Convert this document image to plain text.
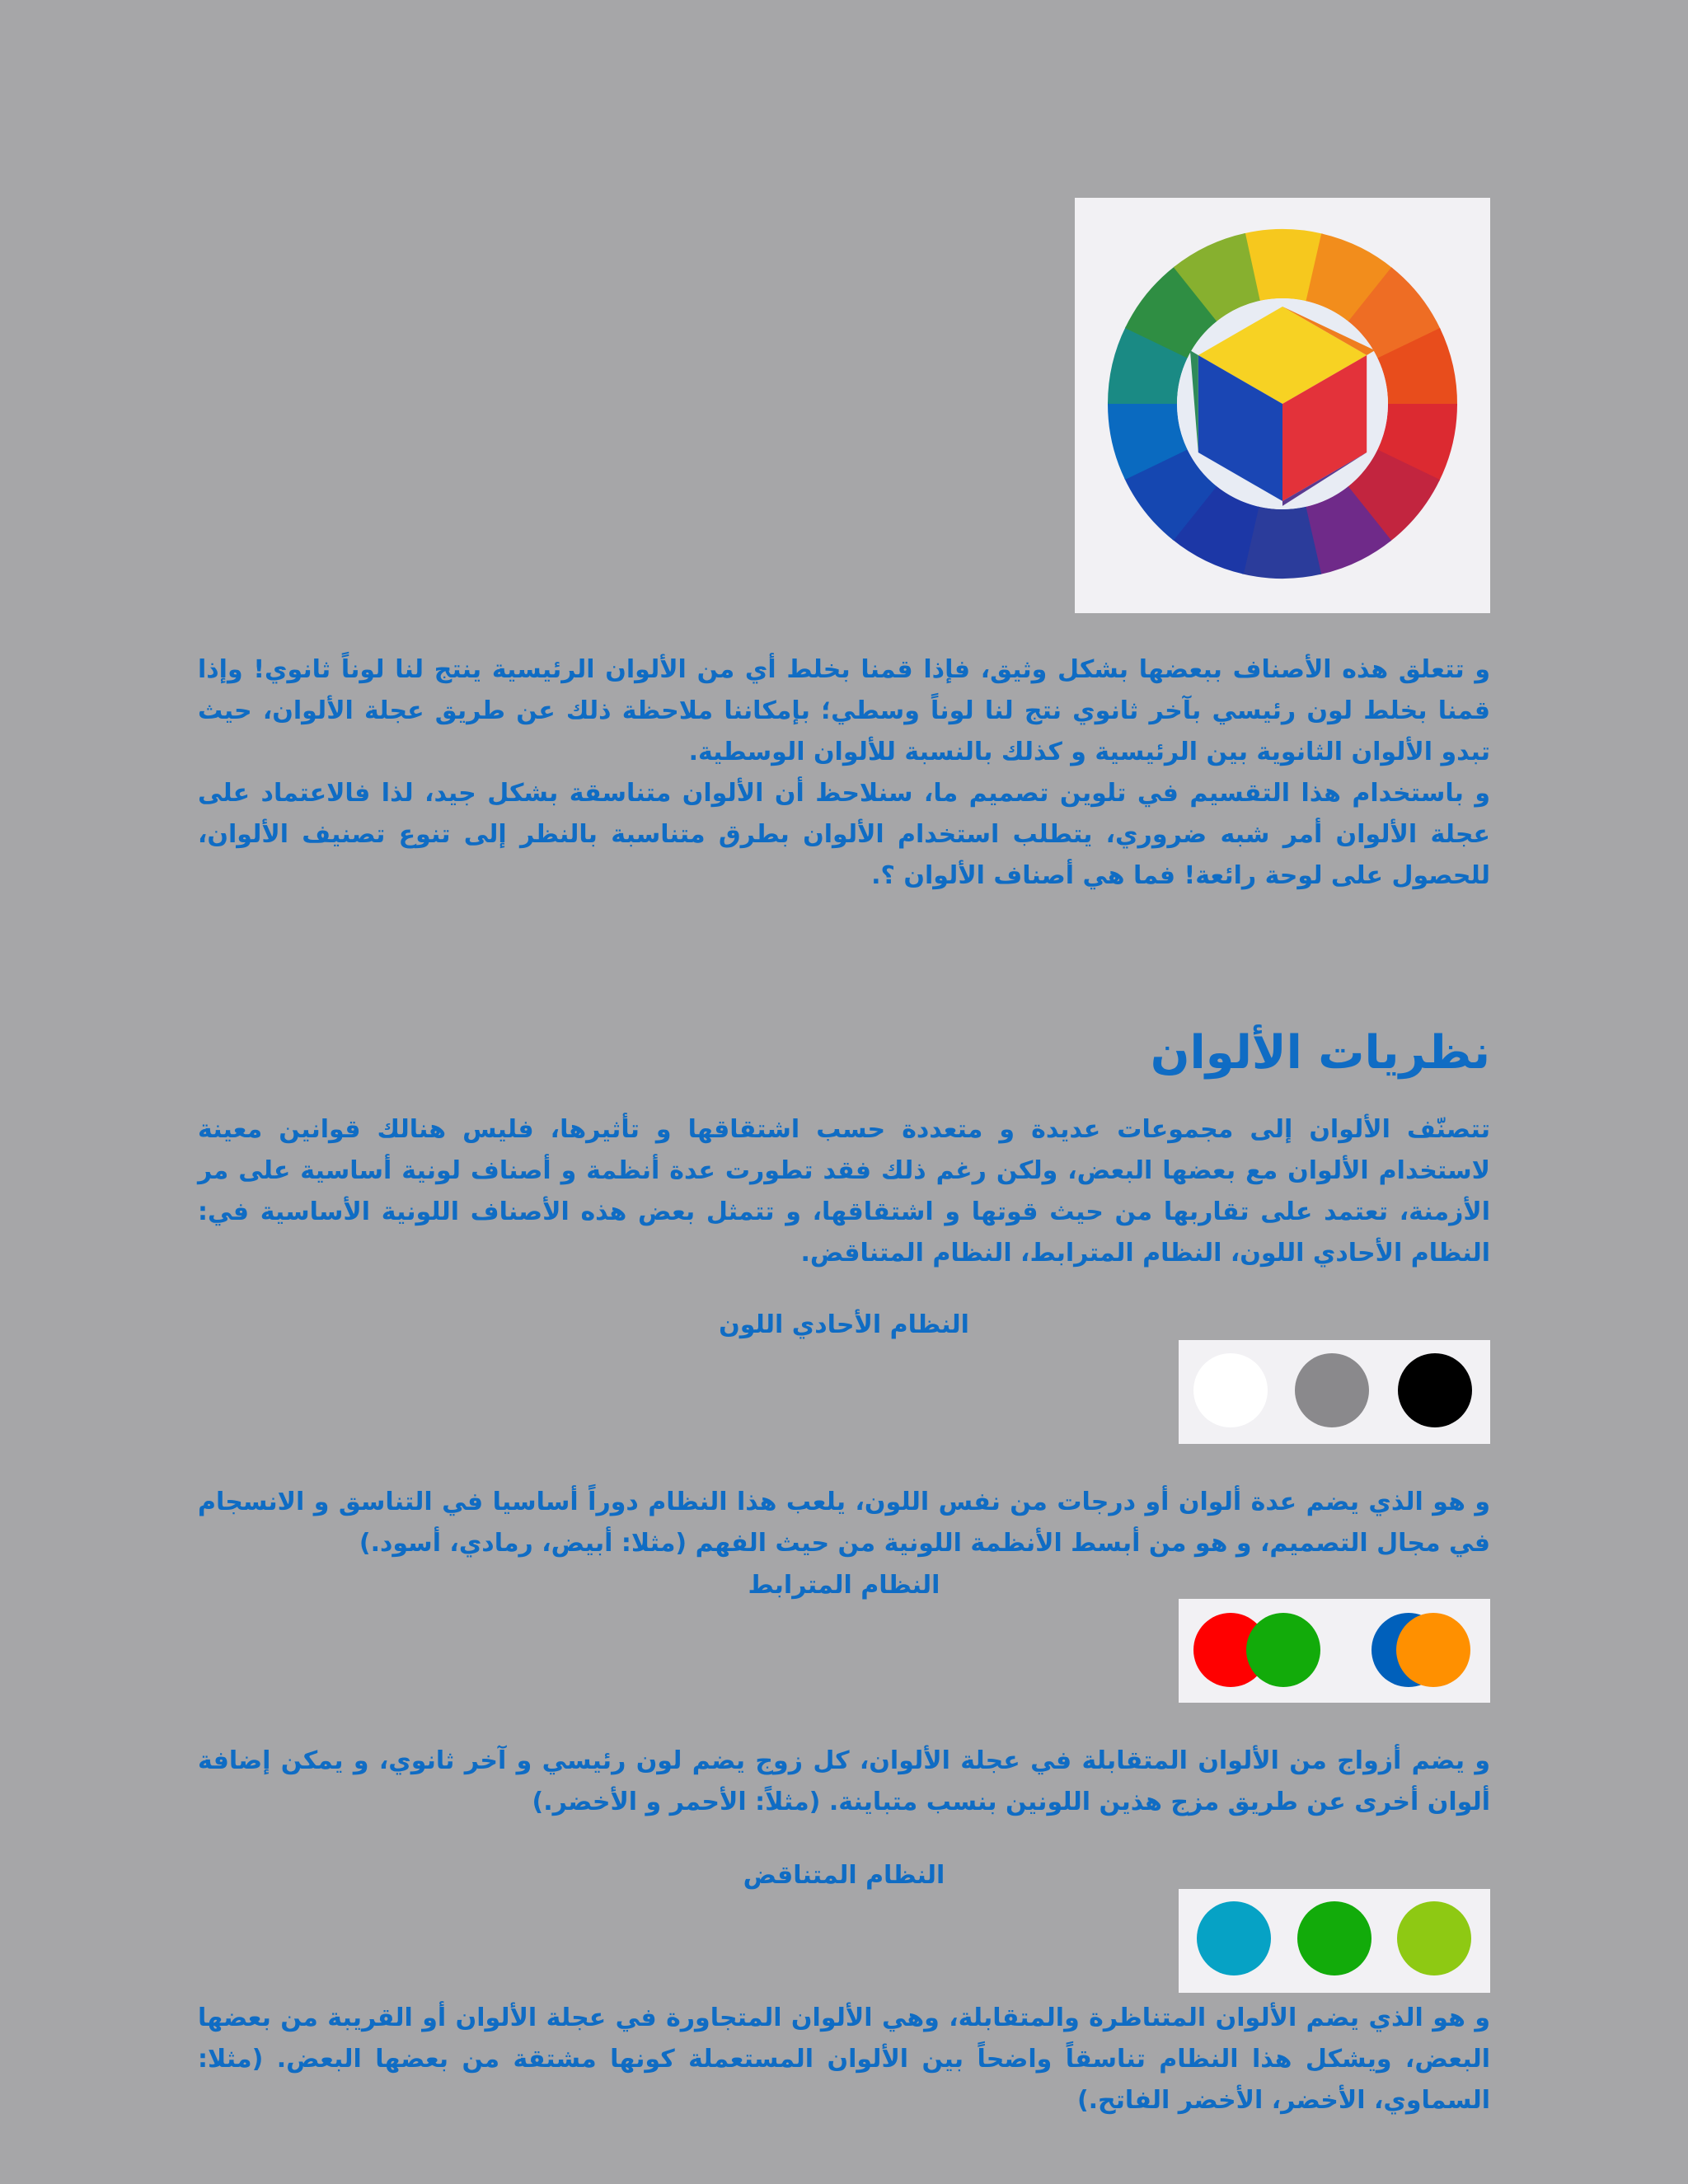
و تتعلق هذه الأصناف ببعضها بشكل وثيق، فإذا قمنا بخلط أي من الألوان الرئيسية ينتج لنا لوناً ثانوي! وإذا قمنا بخلط لون رئيسي بآخر ثانوي نتج لنا لوناً وسطي؛ بإمكاننا ملاحظة ذلك عن طريق عجلة الألوان، حيث تبدو الألوان الثانوية بين الرئيسية و كذلك بالنسبة للألوان الوسطية.

و باستخدام هذا التقسيم في تلوين تصميم ما، سنلاحظ أن الألوان متناسقة بشكل جيد، لذا فالاعتماد على عجلة الألوان أمر شبه ضروري، يتطلب استخدام الألوان بطرق متناسبة بالنظر إلى تنوع تصنيف الألوان، للحصول على لوحة رائعة! فما هي أصناف الألوان ؟.

نظريات الألوان

تتصنّف الألوان إلى مجموعات عديدة و متعددة حسب اشتقاقها و تأثيرها، فليس هنالك قوانين معينة لاستخدام الألوان مع بعضها البعض، ولكن رغم ذلك فقد تطورت عدة أنظمة و أصناف لونية أساسية على مر الأزمنة، تعتمد على تقاربها من حيث قوتها و اشتقاقها، و تتمثل بعض هذه الأصناف اللونية الأساسية في: النظام الأحادي اللون، النظام المترابط، النظام المتناقض.

النظام الأحادي اللون

و هو الذي يضم عدة ألوان أو درجات من نفس اللون، يلعب هذا النظام دوراً أساسيا في التناسق و الانسجام في مجال التصميم، و هو من أبسط الأنظمة اللونية من حيث الفهم (مثلا: أبيض، رمادي، أسود.)

النظام المترابط

و يضم أزواج من الألوان المتقابلة في عجلة الألوان، كل زوج يضم لون رئيسي و آخر ثانوي، و يمكن إضافة ألوان أخرى عن طريق مزج هذين اللونين بنسب متباينة. (مثلاً: الأحمر و الأخضر.)

النظام المتناقض

و هو الذي يضم الألوان المتناظرة والمتقابلة، وهي الألوان المتجاورة في عجلة الألوان أو القريبة من بعضها البعض، ويشكل هذا النظام تناسقاً واضحاً بين الألوان المستعملة كونها مشتقة من بعضها البعض. (مثلا: السماوي، الأخضر، الأخضر الفاتح.)
